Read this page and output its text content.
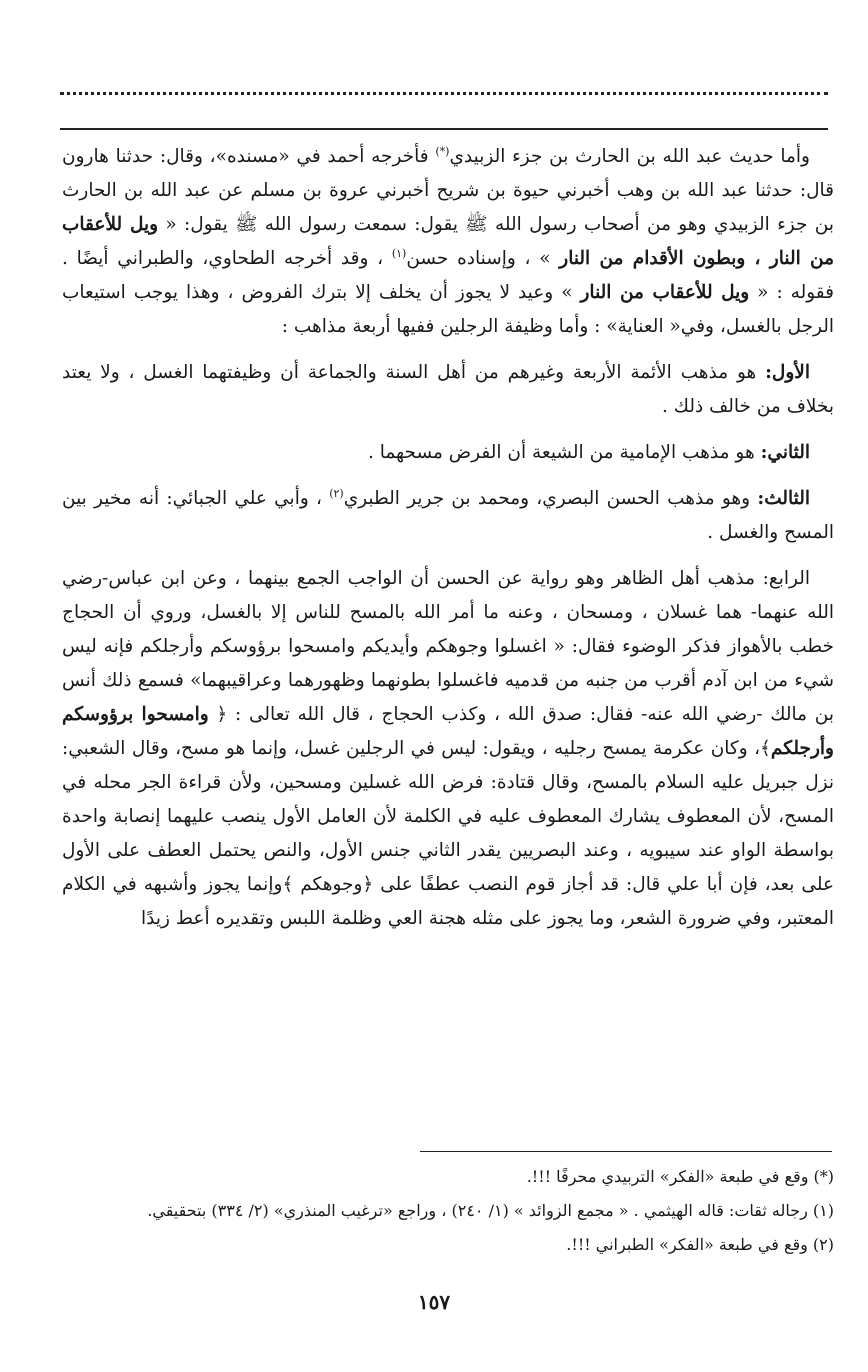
وأما حديث عبد الله بن الحارث بن جزء الزبيدي(*) فأخرجه أحمد في «مسنده»، وقال: حدثنا هارون قال: حدثنا عبد الله بن وهب أخبرني حيوة بن شريح أخبرني عروة بن مسلم عن عبد الله بن الحارث بن جزء الزبيدي وهو من أصحاب رسول الله ﷺ يقول: سمعت رسول الله ﷺ يقول: « ويل للأعقاب من النار ، وبطون الأقدام من النار » ، وإسناده حسن$^{(١)}$ ، وقد أخرجه الطحاوي، والطبراني أيضًا . فقوله : « ويل للأعقاب من النار » وعيد لا يجوز أن يخلف إلا بترك الفروض ، وهذا يوجب استيعاب الرجل بالغسل، وفي« العناية» : وأما وظيفة الرجلين ففيها أربعة مذاهب :

الأول: هو مذهب الأئمة الأربعة وغيرهم من أهل السنة والجماعة أن وظيفتهما الغسل ، ولا يعتد بخلاف من خالف ذلك .

الثاني: هو مذهب الإمامية من الشيعة أن الفرض مسحهما .

الثالث: وهو مذهب الحسن البصري، ومحمد بن جرير الطبري$^{(٢)}$ ، وأبي علي الجبائي: أنه مخير بين المسح والغسل .

الرابع: مذهب أهل الظاهر وهو رواية عن الحسن أن الواجب الجمع بينهما ، وعن ابن عباس-رضي الله عنهما- هما غسلان ، ومسحان ، وعنه ما أمر الله بالمسح للناس إلا بالغسل، وروي أن الحجاج خطب بالأهواز فذكر الوضوء فقال: « اغسلوا وجوهكم وأيديكم وامسحوا برؤوسكم وأرجلكم فإنه ليس شيء من ابن آدم أقرب من جنبه من قدميه فاغسلوا بطونهما وظهورهما وعراقيبهما» فسمع ذلك أنس بن مالك -رضي الله عنه- فقال: صدق الله ، وكذب الحجاج ، قال الله تعالى : ﴿ وامسحوا برؤوسكم وأرجلكم﴾، وكان عكرمة يمسح رجليه ، ويقول: ليس في الرجلين غسل، وإنما هو مسح، وقال الشعبي: نزل جبريل عليه السلام بالمسح، وقال قتادة: فرض الله غسلين ومسحين، ولأن قراءة الجر محله في المسح، لأن المعطوف يشارك المعطوف عليه في الكلمة لأن العامل الأول ينصب عليهما إنصابة واحدة بواسطة الواو عند سيبويه ، وعند البصريين يقدر الثاني جنس الأول، والنص يحتمل العطف على الأول على بعد، فإن أبا علي قال: قد أجاز قوم النصب عطفًا على ﴿وجوهكم ﴾وإنما يجوز وأشبهه في الكلام المعتبر، وفي ضرورة الشعر، وما يجوز على مثله هجنة العي وظلمة اللبس وتقديره أعط زيدًا

(*) وقع في طبعة «الفكر» التربيدي محرفًا !!!.

(١) رجاله ثقات: قاله الهيثمي . « مجمع الزوائد » (١/ ٢٤٠) ، وراجع «ترغيب المنذري» (٢/ ٣٣٤) بتحقيقي.

(٢) وقع في طبعة «الفكر» الطبراني !!!.

١٥٧
